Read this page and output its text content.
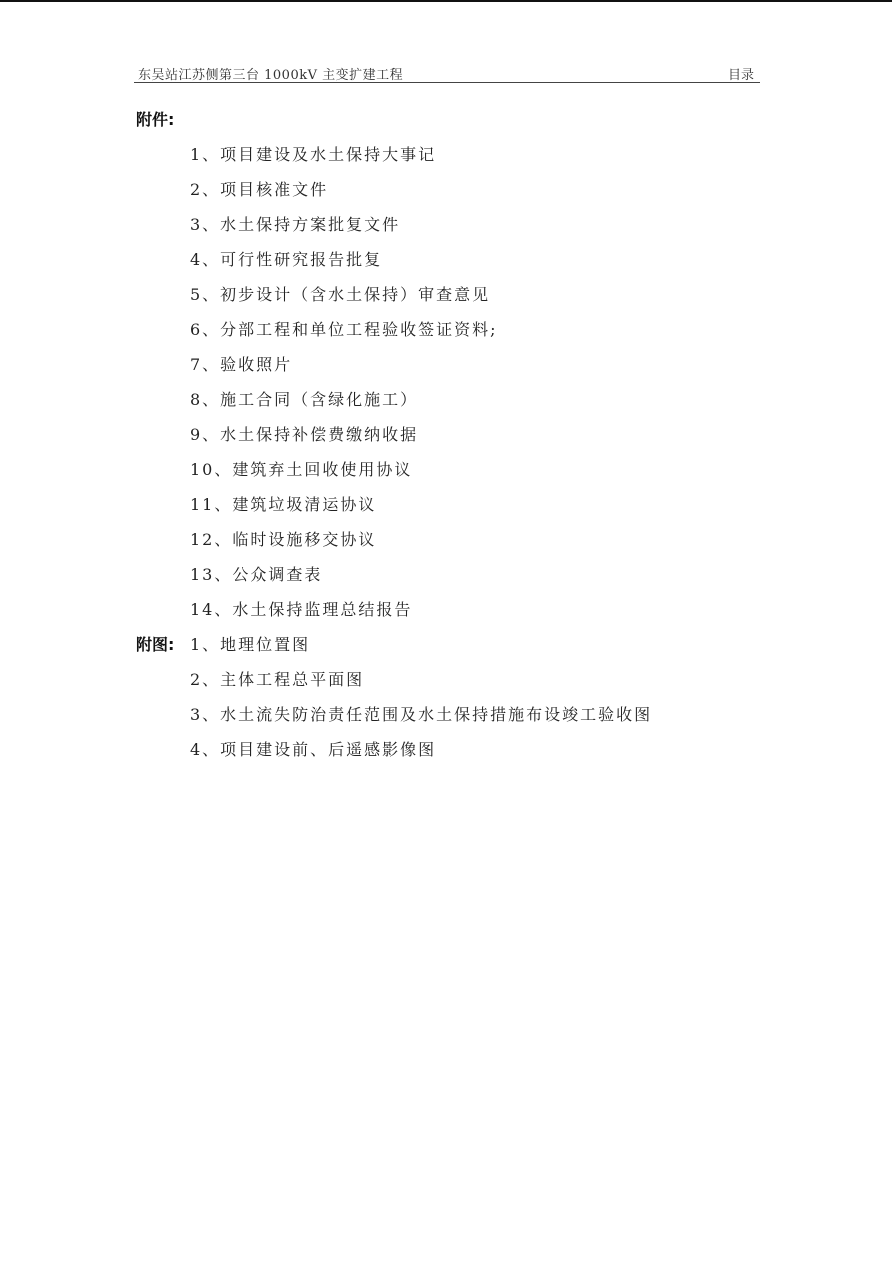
东吴站江苏侧第三台 1000kV 主变扩建工程	目录
附件:
1、项目建设及水土保持大事记
2、项目核准文件
3、水土保持方案批复文件
4、可行性研究报告批复
5、初步设计（含水土保持）审查意见
6、分部工程和单位工程验收签证资料;
7、验收照片
8、施工合同（含绿化施工）
9、水土保持补偿费缴纳收据
10、建筑弃土回收使用协议
11、建筑垃圾清运协议
12、临时设施移交协议
13、公众调查表
14、水土保持监理总结报告
附图: 1、地理位置图
2、主体工程总平面图
3、水土流失防治责任范围及水土保持措施布设竣工验收图
4、项目建设前、后遥感影像图
